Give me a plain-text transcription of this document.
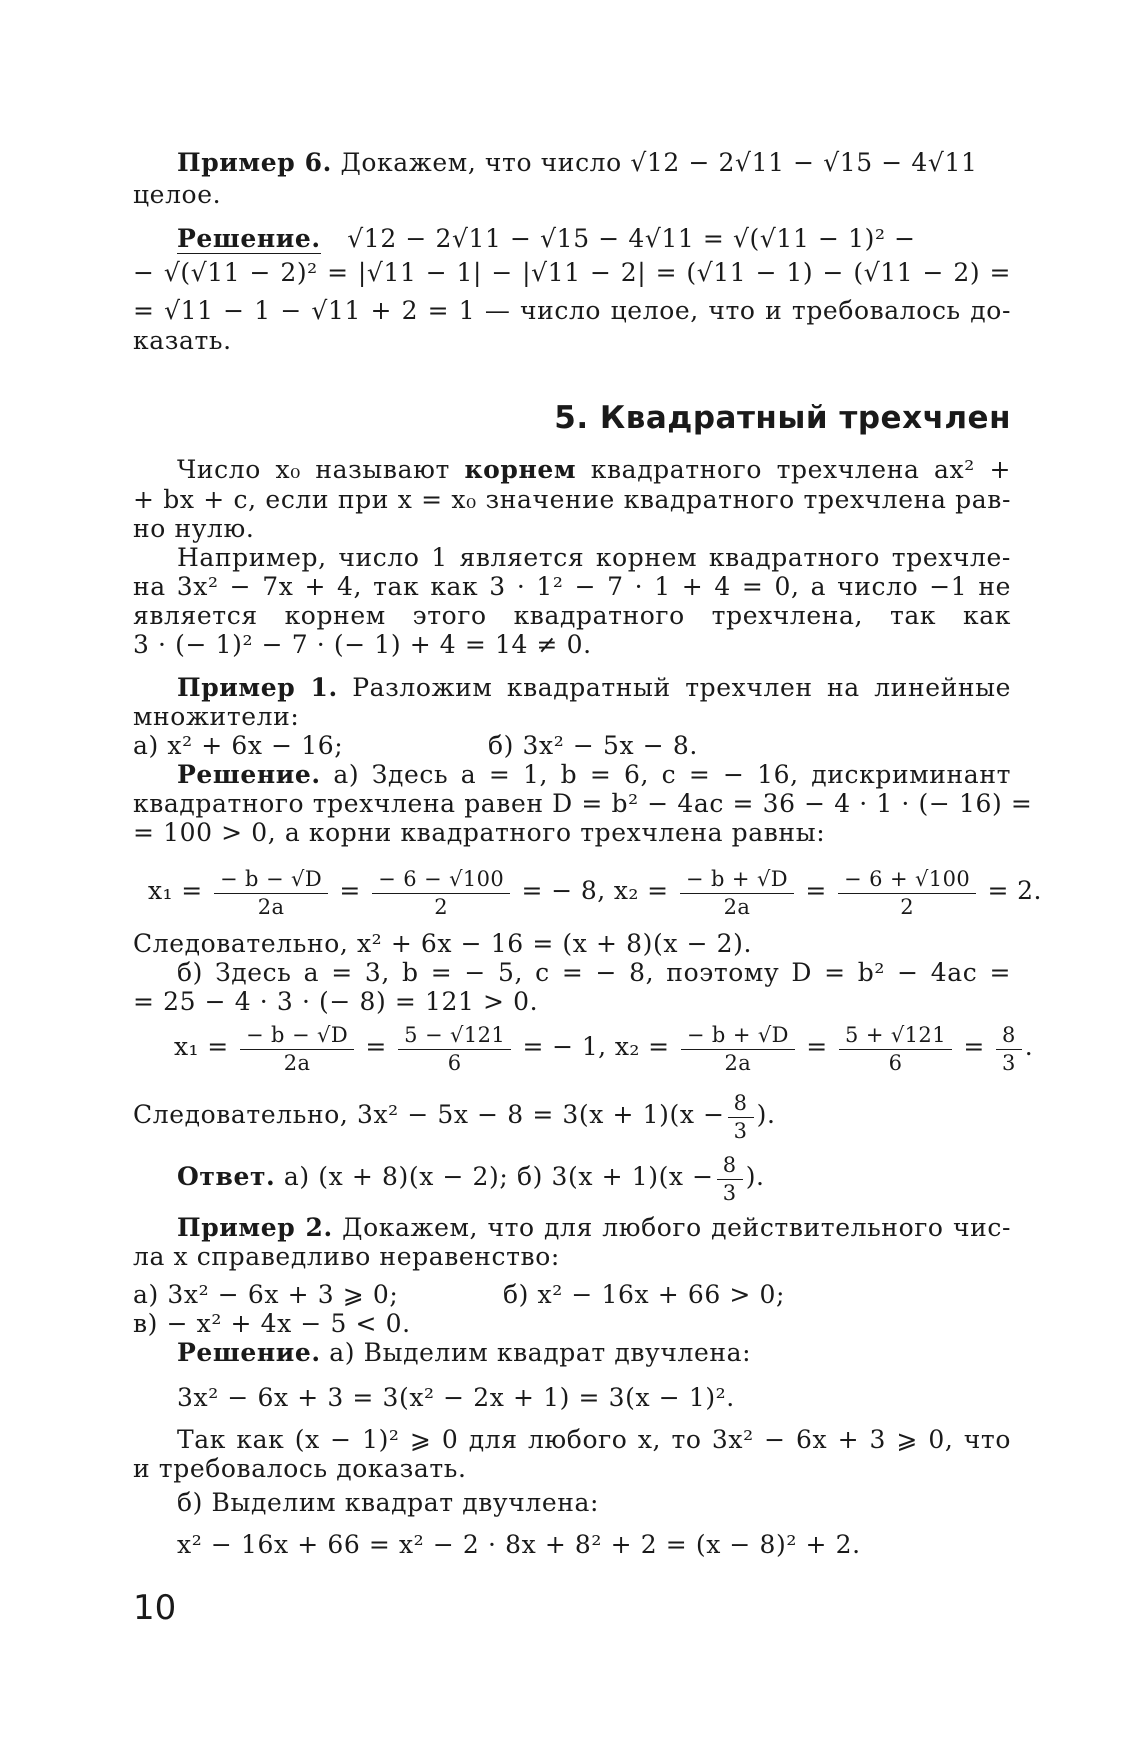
Пример 6. Докажем, что число √12 − 2√11 − √15 − 4√11
целое.
Решение. √12 − 2√11 − √15 − 4√11 = √(√11 − 1)² −
− √(√11 − 2)² = |√11 − 1| − |√11 − 2| = (√11 − 1) − (√11 − 2) =
= √11 − 1 − √11 + 2 = 1 — число целое, что и требовалось до-
казать.
5. Квадратный трехчлен
Число x₀ называют корнем квадратного трехчлена ax² +
+ bx + c, если при x = x₀ значение квадратного трехчлена рав-
но нулю.
Например, число 1 является корнем квадратного трехчле-
на 3x² − 7x + 4, так как 3 · 1² − 7 · 1 + 4 = 0, а число −1 не
является корнем этого квадратного трехчлена, так как
3 · (− 1)² − 7 · (− 1) + 4 = 14 ≠ 0.
Пример 1. Разложим квадратный трехчлен на линейные
множители:
а) x² + 6x − 16;	б) 3x² − 5x − 8.
Решение. а) Здесь a = 1, b = 6, c = − 16, дискриминант
квадратного трехчлена равен D = b² − 4ac = 36 − 4 · 1 · (− 16) =
= 100 > 0, а корни квадратного трехчлена равны:
$x_1 = \frac{- b - √D}{2a} = \frac{- 6 - √100}{2}$ = − 8, $x_2 = \frac{- b + √D}{2a} = \frac{- 6 + √100}{2} = 2$.
Следовательно, x² + 6x − 16 = (x + 8)(x − 2).
б) Здесь a = 3, b = − 5, c = − 8, поэтому D = b² − 4ac =
= 25 − 4 · 3 · (− 8) = 121 > 0.
$x_1 = \frac{- b - √D}{2a} = \frac{5 - √121}{6}$ = − 1, $x_2 = \frac{- b + √D}{2a} = \frac{5 + √121}{6} = \frac{8}{3}$ .
Следовательно, $3x^2 - 5x - 8 = 3(x + 1)(x - \frac{8}{3}$ ).
Ответ. а) (x + 8)(x − 2); б) $3(x + 1)(x - \frac{8}{3}$ ).
Пример 2. Докажем, что для любого действительного чис-
ла x справедливо неравенство:
а) 3x² − 6x + 3 ⩾ 0;	б) x² − 16x + 66 > 0;
в) − x² + 4x − 5 < 0.
Решение. а) Выделим квадрат двучлена:
3x² − 6x + 3 = 3(x² − 2x + 1) = 3(x − 1)².
Так как (x − 1)² ⩾ 0 для любого x, то 3x² − 6x + 3 ⩾ 0, что
и требовалось доказать.
б) Выделим квадрат двучлена:
x² − 16x + 66 = x² − 2 · 8x + 8² + 2 = (x − 8)² + 2.
10
